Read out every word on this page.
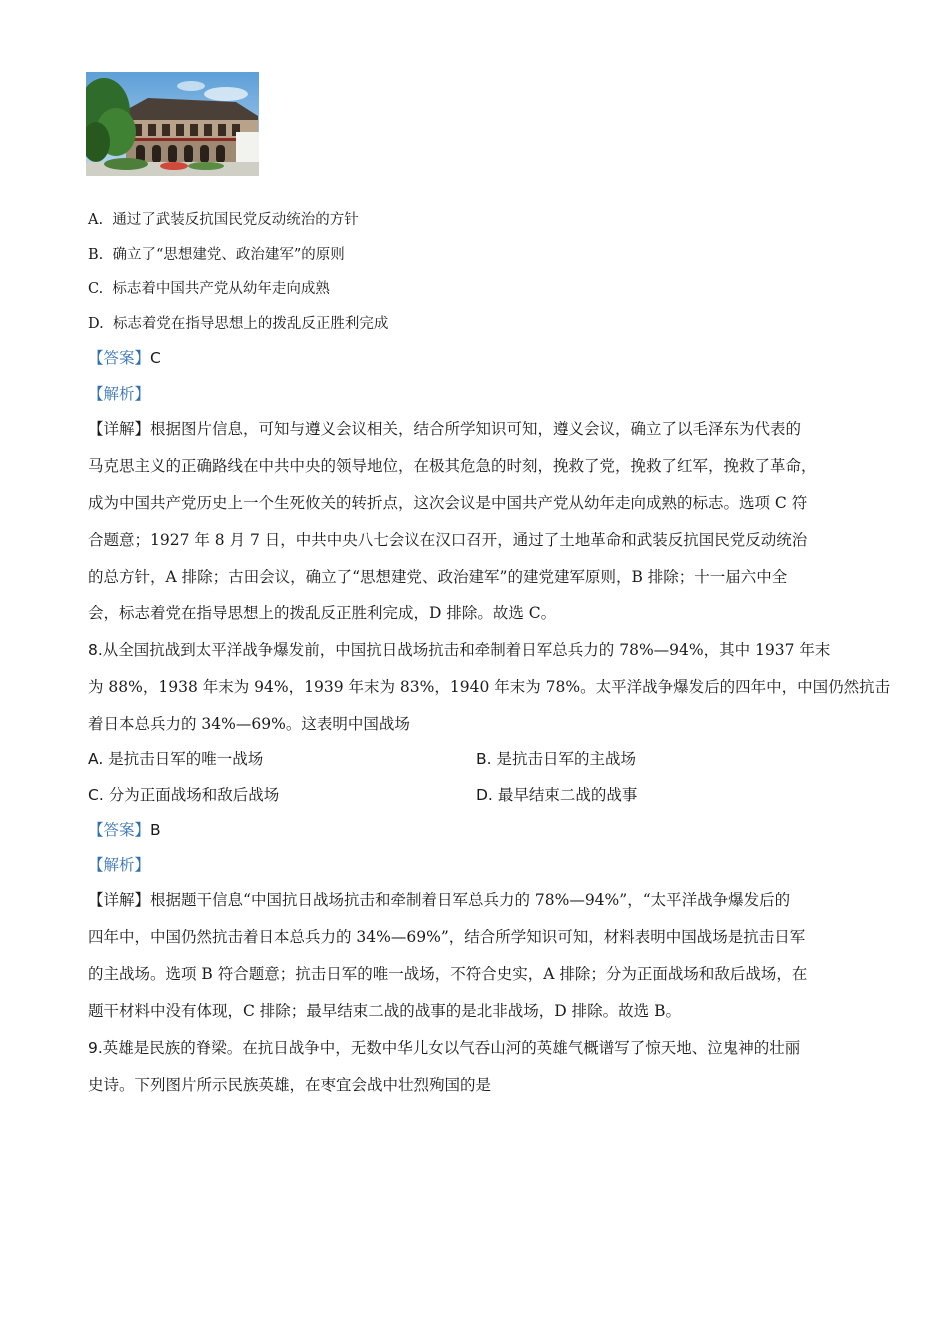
A. 通过了武装反抗国民党反动统治的方针
B. 确立了“思想建党、政治建军”的原则
C. 标志着中国共产党从幼年走向成熟
D. 标志着党在指导思想上的拨乱反正胜利完成
【答案】C
【解析】
【详解】根据图片信息，可知与遵义会议相关，结合所学知识可知，遵义会议，确立了以毛泽东为代表的
马克思主义的正确路线在中共中央的领导地位，在极其危急的时刻，挽救了党，挽救了红军，挽救了革命，
成为中国共产党历史上一个生死攸关的转折点，这次会议是中国共产党从幼年走向成熟的标志。选项 C 符
合题意；1927 年 8 月 7 日，中共中央八七会议在汉口召开，通过了土地革命和武装反抗国民党反动统治
的总方针，A 排除；古田会议，确立了“思想建党、政治建军”的建党建军原则，B 排除；十一届六中全
会，标志着党在指导思想上的拨乱反正胜利完成，D 排除。故选 C。
8.从全国抗战到太平洋战争爆发前，中国抗日战场抗击和牵制着日军总兵力的 78%—94%，其中 1937 年末
为 88%，1938 年末为 94%，1939 年末为 83%，1940 年末为 78%。太平洋战争爆发后的四年中，中国仍然抗击
着日本总兵力的 34%—69%。这表明中国战场
A. 是抗击日军的唯一战场	B. 是抗击日军的主战场
C. 分为正面战场和敌后战场	D. 最早结束二战的战事
【答案】B
【解析】
【详解】根据题干信息“中国抗日战场抗击和牵制着日军总兵力的 78%—94%”，“太平洋战争爆发后的
四年中，中国仍然抗击着日本总兵力的 34%—69%”，结合所学知识可知，材料表明中国战场是抗击日军
的主战场。选项 B 符合题意；抗击日军的唯一战场，不符合史实，A 排除；分为正面战场和敌后战场，在
题干材料中没有体现，C 排除；最早结束二战的战事的是北非战场，D 排除。故选 B。
9.英雄是民族的脊梁。在抗日战争中，无数中华儿女以气吞山河的英雄气概谱写了惊天地、泣鬼神的壮丽
史诗。下列图片所示民族英雄，在枣宜会战中壮烈殉国的是
